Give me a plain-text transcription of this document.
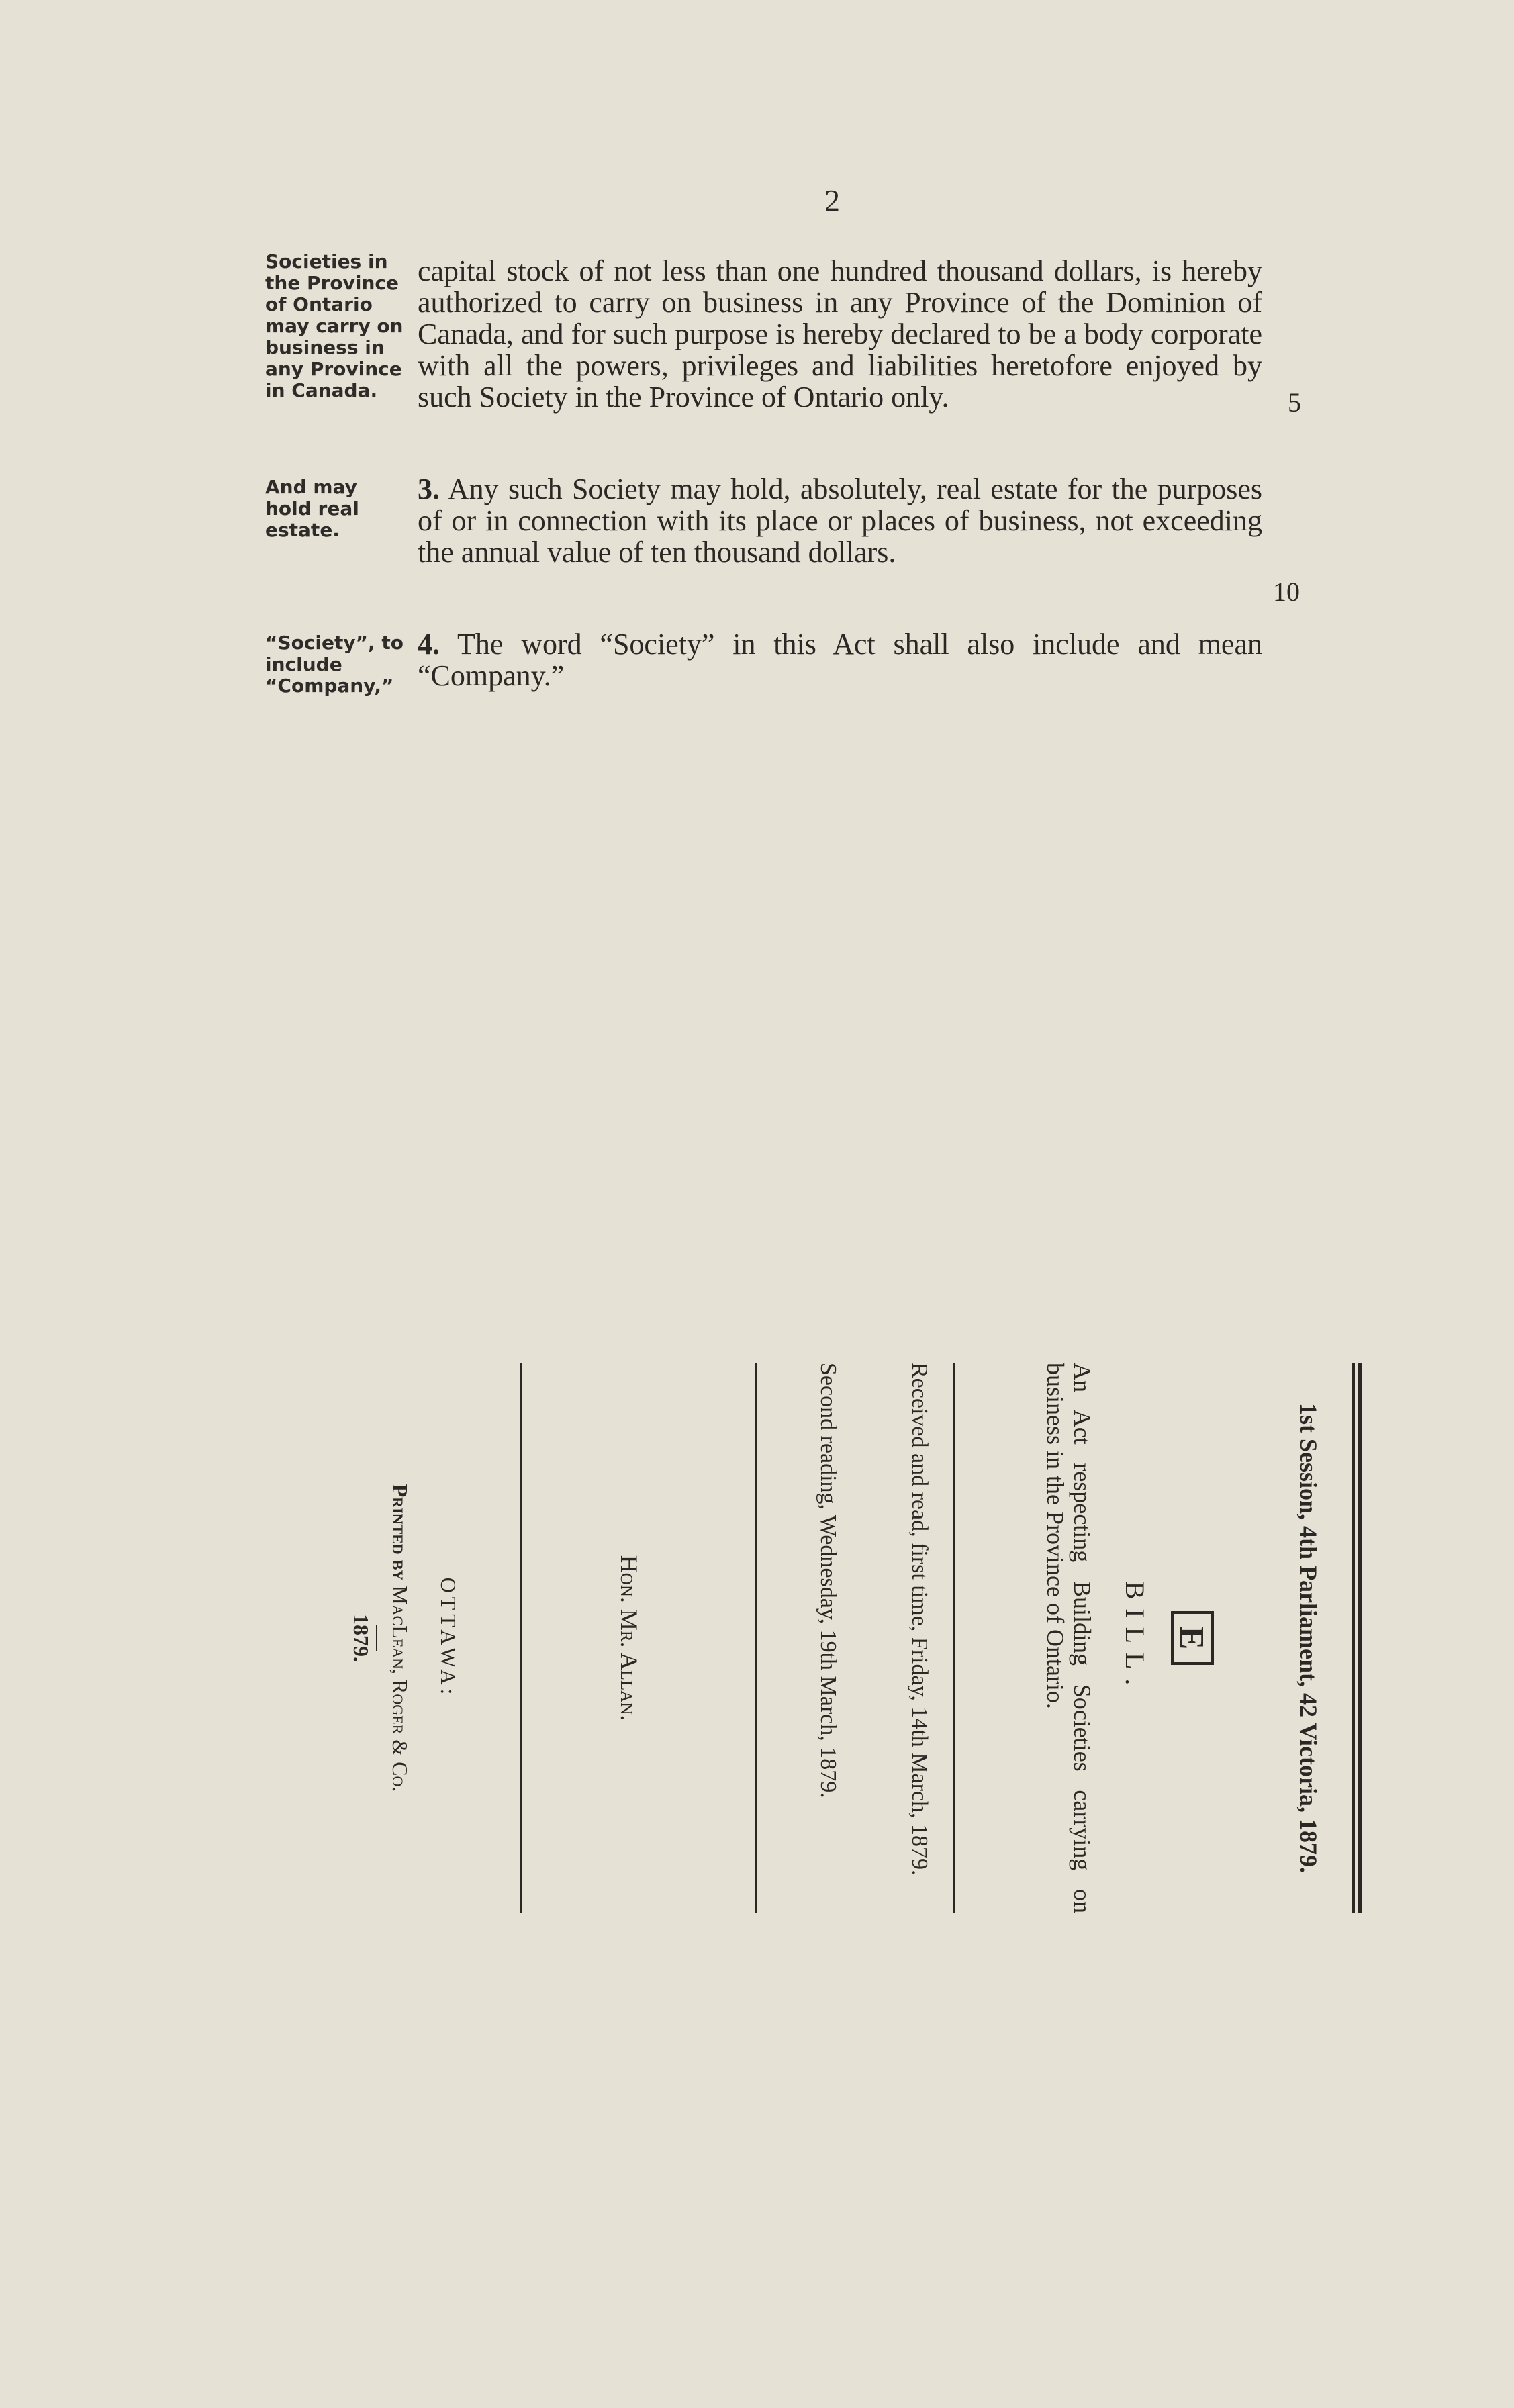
2
Societies in the Province of Ontario may carry on business in any Province in Canada.
And may hold real estate.
“Society”, to include “Company,”
capital stock of not less than one hundred thousand dollars, is hereby authorized to carry on business in any Province of the Dominion of Canada, and for such purpose is hereby declared to be a body corporate with all the powers, privileges and liabilities heretofore enjoyed by such Society in the Province of Ontario only.
3. Any such Society may hold, absolutely, real estate for the purposes of or in connection with its place or places of business, not exceeding the annual value of ten thousand dollars.
4. The word “Society” in this Act shall also include and mean “Company.”
5
10
1st Session, 4th Parliament, 42 Victoria, 1879.
E
BILL.
An Act respecting Building Societies carrying on business in the Province of Ontario.
Received and read, first time, Friday, 14th March, 1879.
Second reading, Wednesday, 19th March, 1879.
Hon. Mr. Allan.
OTTAWA:
Printed by MacLean, Roger & Co.
1879.
